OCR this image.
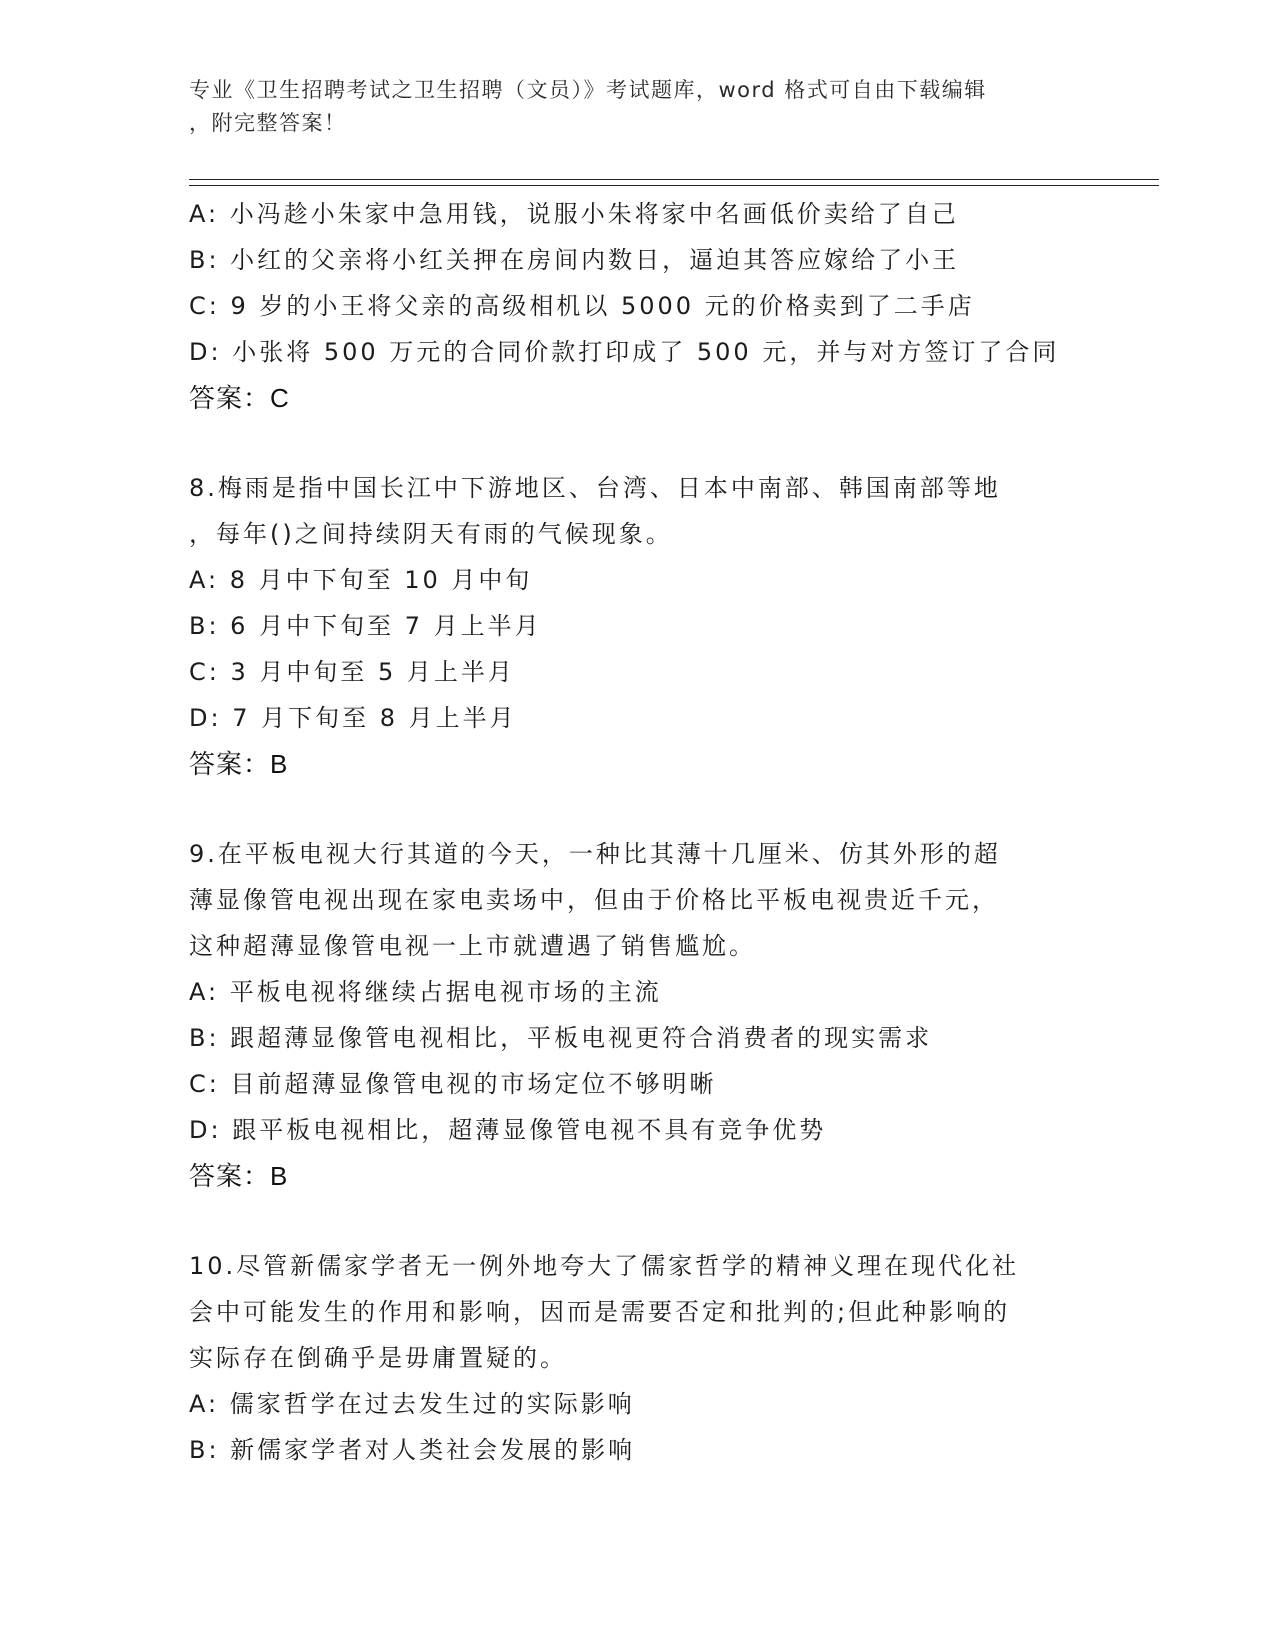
专业《卫生招聘考试之卫生招聘（文员）》考试题库，word 格式可自由下载编辑
，附完整答案！
A: 小冯趁小朱家中急用钱，说服小朱将家中名画低价卖给了自己
B: 小红的父亲将小红关押在房间内数日，逼迫其答应嫁给了小王
C: 9 岁的小王将父亲的高级相机以 5000 元的价格卖到了二手店
D: 小张将 500 万元的合同价款打印成了 500 元，并与对方签订了合同
答案：C
8.梅雨是指中国长江中下游地区、台湾、日本中南部、韩国南部等地
，每年()之间持续阴天有雨的气候现象。
A: 8 月中下旬至 10 月中旬
B: 6 月中下旬至 7 月上半月
C: 3 月中旬至 5 月上半月
D: 7 月下旬至 8 月上半月
答案：B
9.在平板电视大行其道的今天，一种比其薄十几厘米、仿其外形的超
薄显像管电视出现在家电卖场中，但由于价格比平板电视贵近千元，
这种超薄显像管电视一上市就遭遇了销售尴尬。
A: 平板电视将继续占据电视市场的主流
B: 跟超薄显像管电视相比，平板电视更符合消费者的现实需求
C: 目前超薄显像管电视的市场定位不够明晰
D: 跟平板电视相比，超薄显像管电视不具有竞争优势
答案：B
10.尽管新儒家学者无一例外地夸大了儒家哲学的精神义理在现代化社
会中可能发生的作用和影响，因而是需要否定和批判的;但此种影响的
实际存在倒确乎是毋庸置疑的。
A: 儒家哲学在过去发生过的实际影响
B: 新儒家学者对人类社会发展的影响
